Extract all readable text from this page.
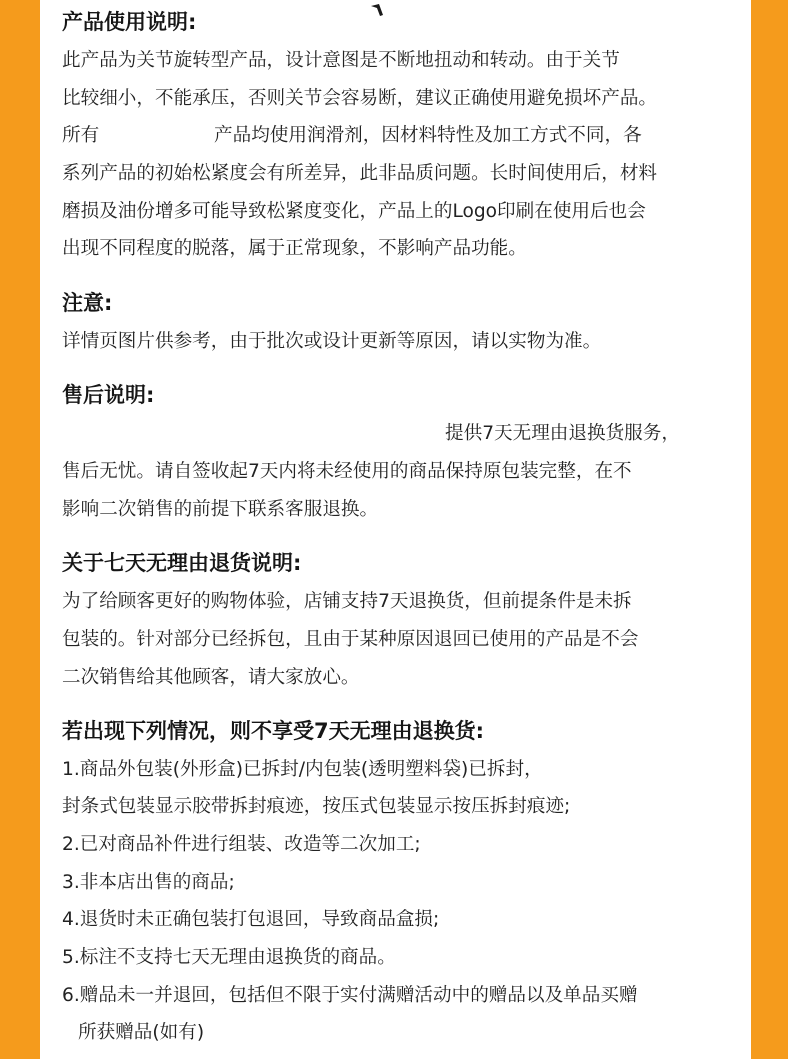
产品使用说明:
此产品为关节旋转型产品，设计意图是不断地扭动和转动。由于关节
比较细小，不能承压，否则关节会容易断，建议正确使用避免损坏产品。
所有	产品均使用润滑剂，因材料特性及加工方式不同，各
系列产品的初始松紧度会有所差异，此非品质问题。长时间使用后，材料
磨损及油份增多可能导致松紧度变化，产品上的Logo印刷在使用后也会
出现不同程度的脱落，属于正常现象，不影响产品功能。
注意:
详情页图片供参考，由于批次或设计更新等原因，请以实物为准。
售后说明:
提供7天无理由退换货服务，
售后无忧。请自签收起7天内将未经使用的商品保持原包装完整，在不
影响二次销售的前提下联系客服退换。
关于七天无理由退货说明:
为了给顾客更好的购物体验，店铺支持7天退换货，但前提条件是未拆
包装的。针对部分已经拆包，且由于某种原因退回已使用的产品是不会
二次销售给其他顾客，请大家放心。
若出现下列情况，则不享受7天无理由退换货:
1.商品外包装(外形盒)已拆封/内包装(透明塑料袋)已拆封，
封条式包装显示胶带拆封痕迹，按压式包装显示按压拆封痕迹;
2.已对商品补件进行组装、改造等二次加工;
3.非本店出售的商品;
4.退货时未正确包装打包退回，导致商品盒损;
5.标注不支持七天无理由退换货的商品。
6.赠品未一并退回，包括但不限于实付满赠活动中的赠品以及单品买赠
所获赠品(如有)
